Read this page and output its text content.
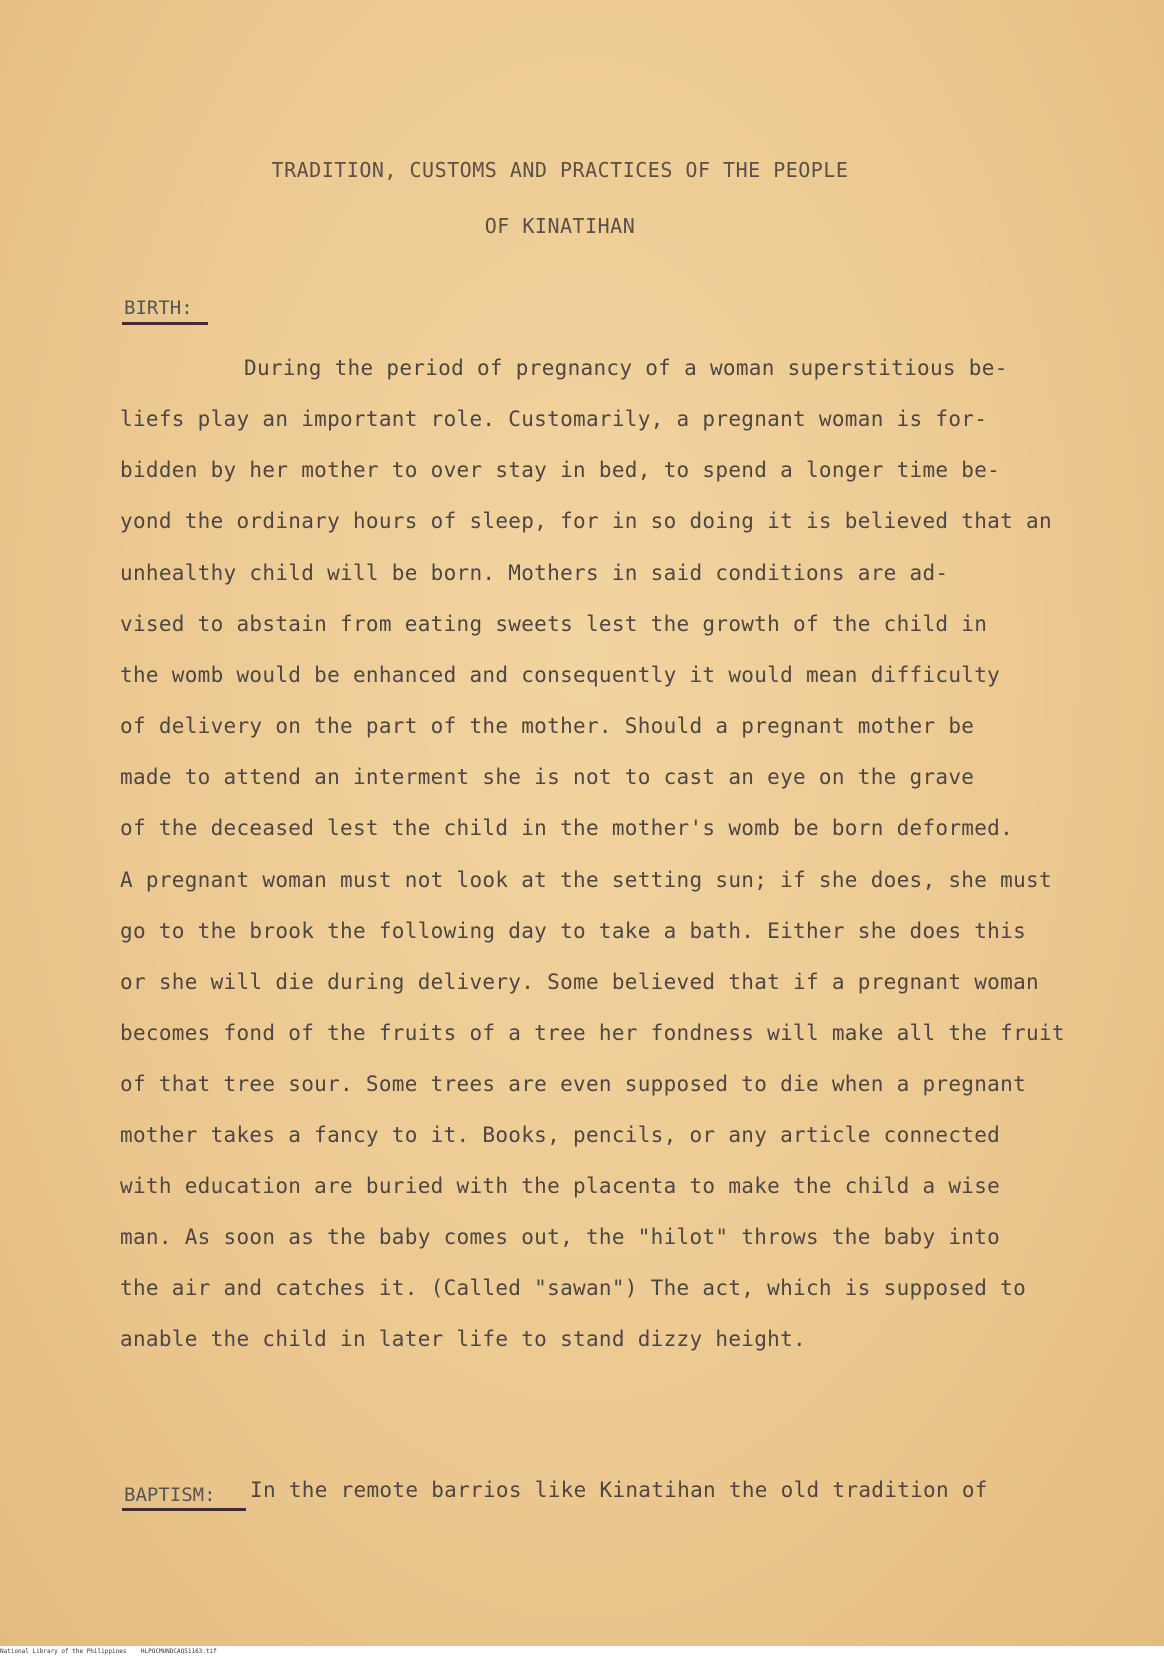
TRADITION, CUSTOMS AND PRACTICES OF THE PEOPLE
OF KINATIHAN
BIRTH:
During the period of pregnancy of a woman superstitious be-
liefs play an important role. Customarily, a pregnant woman is for-
bidden by her mother to over stay in bed, to spend a longer time be-
yond the ordinary hours of sleep, for in so doing it is believed that an
unhealthy child will be born. Mothers in said conditions are ad-
vised to abstain from eating sweets lest the growth of the child in
the womb would be enhanced and consequently it would mean difficulty
of delivery on the part of the mother. Should a pregnant mother be
made to attend an interment she is not to cast an eye on the grave
of the deceased lest the child in the mother's womb be born deformed.
A pregnant woman must not look at the setting sun; if she does, she must
go to the brook the following day to take a bath. Either she does this
or she will die during delivery. Some believed that if a pregnant woman
becomes fond of the fruits of a tree her fondness will make all the fruit
of that tree sour. Some trees are even supposed to die when a pregnant
mother takes a fancy to it. Books, pencils, or any article connected
with education are buried with the placenta to make the child a wise
man. As soon as the baby comes out, the "hilot" throws the baby into
the air and catches it. (Called "sawan") The act, which is supposed to
anable the child in later life to stand dizzy height.
BAPTISM: In the remote barrios like Kinatihan the old tradition of
National Library of the Philippines    HLPOCMUNDCAQ51163.tif
